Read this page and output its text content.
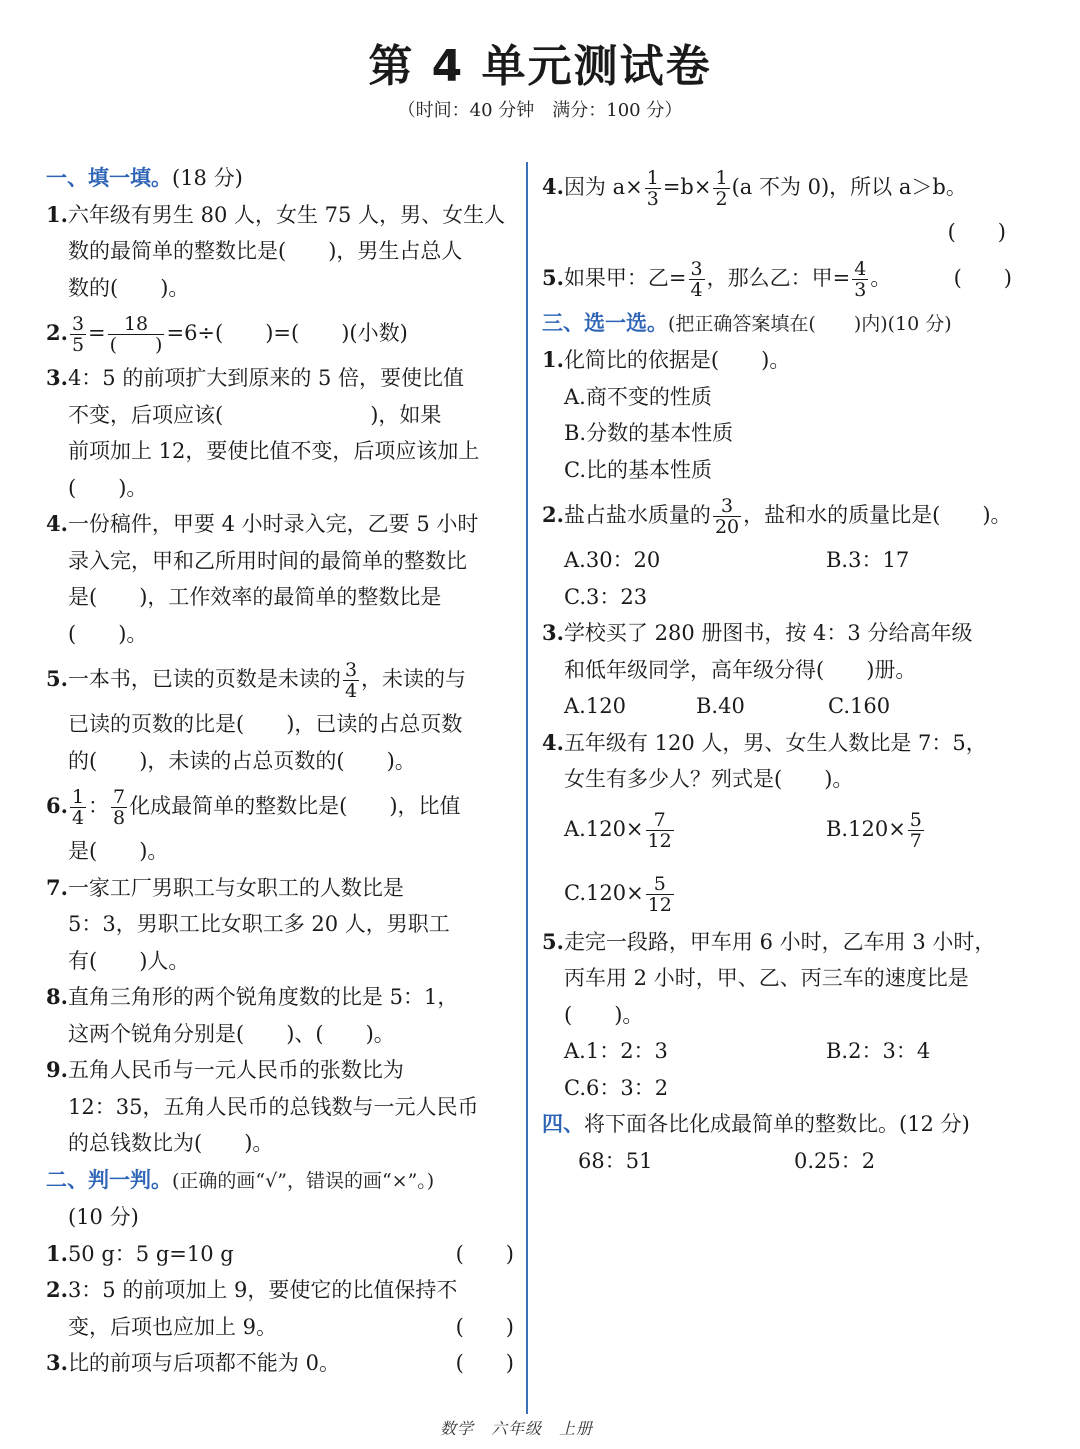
第 4 单元测试卷
（时间：40 分钟　满分：100 分）
一、填一填。(18 分)
1.六年级有男生 80 人，女生 75 人，男、女生人
数的最简单的整数比是(　　)，男生占总人
数的(　　)。
2. $\frac{3}{5} = \frac{18}{( )} =6\div$(　　)=(　　)(小数)
3.4：5 的前项扩大到原来的 5 倍，要使比值
不变，后项应该(　　　　　　　)，如果
前项加上 12，要使比值不变，后项应该加上
(　　)。
4.一份稿件，甲要 4 小时录入完，乙要 5 小时
录入完，甲和乙所用时间的最简单的整数比
是(　　)，工作效率的最简单的整数比是
(　　)。
5.一本书，已读的页数是未读的 $\frac{3}{4}$ ，未读的与
已读的页数的比是(　　)，已读的占总页数
的(　　)，未读的占总页数的(　　)。
6. $\frac{1}{4}$ ： $\frac{7}{8}$ 化成最简单的整数比是(　　)，比值
是(　　)。
7.一家工厂男职工与女职工的人数比是
5：3，男职工比女职工多 20 人，男职工
有(　　)人。
8.直角三角形的两个锐角度数的比是 5：1，
这两个锐角分别是(　　)、(　　)。
9.五角人民币与一元人民币的张数比为
12：35，五角人民币的总钱数与一元人民币
的总钱数比为(　　)。
二、判一判。(正确的画“√”，错误的画“×”。)
(10 分)
1.50 g：5 g=10 g	(　　)
2.3：5 的前项加上 9，要使它的比值保持不
变，后项也应加上 9。	(　　)
3.比的前项与后项都不能为 0。	(　　)
4.因为 $a\times \frac{1}{3} =b\times \frac{1}{2} (a$ 不为 0)，所以 a＞b。
(　　)
5.如果甲：乙= $\frac{3}{4}$ ，那么乙：甲= $\frac{4}{3}$ 。	(　　)
三、选一选。(把正确答案填在(　　)内)(10 分)
1.化简比的依据是(　　)。
A.商不变的性质
B.分数的基本性质
C.比的基本性质
2.盐占盐水质量的 $\frac{3}{20}$ ，盐和水的质量比是(　　)。
A.30：20	B.3：17
C.3：23
3.学校买了 280 册图书，按 4：3 分给高年级
和低年级同学，高年级分得(　　)册。
A.120	B.40	C.160
4.五年级有 120 人，男、女生人数比是 7：5，
女生有多少人？列式是(　　)。
$A.120\times \frac{7}{12}$	$B.120\times \frac{5}{7}$
$C.120\times \frac{5}{12}$
5.走完一段路，甲车用 6 小时，乙车用 3 小时，
丙车用 2 小时，甲、乙、丙三车的速度比是
(　　)。
A.1：2：3	B.2：3：4
C.6：3：2
四、将下面各比化成最简单的整数比。(12 分)
68：51	0.25：2
数学　六年级　上册
